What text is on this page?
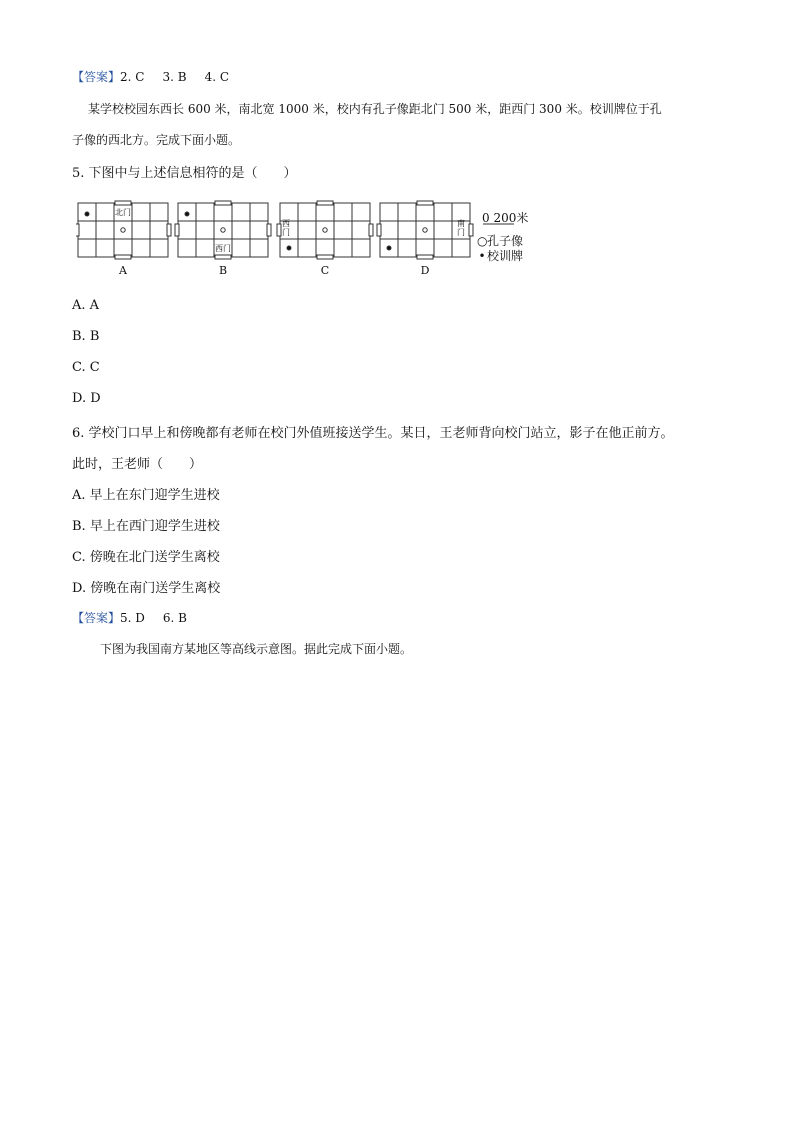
【答案】2. C 3. B 4. C
某学校校园东西长 600 米，南北宽 1000 米，校内有孔子像距北门 500 米，距西门 300 米。校训牌位于孔
子像的西北方。完成下面小题。
5. 下图中与上述信息相符的是（　　）
北门
西门
西门
南门
A	B	C	D
0 200米
○孔子像
•校训牌
A. A
B. B
C. C
D. D
6. 学校门口早上和傍晚都有老师在校门外值班接送学生。某日，王老师背向校门站立，影子在他正前方。
此时，王老师（　　）
A. 早上在东门迎学生进校
B. 早上在西门迎学生进校
C. 傍晚在北门送学生离校
D. 傍晚在南门送学生离校
【答案】5. D 6. B
下图为我国南方某地区等高线示意图。据此完成下面小题。
